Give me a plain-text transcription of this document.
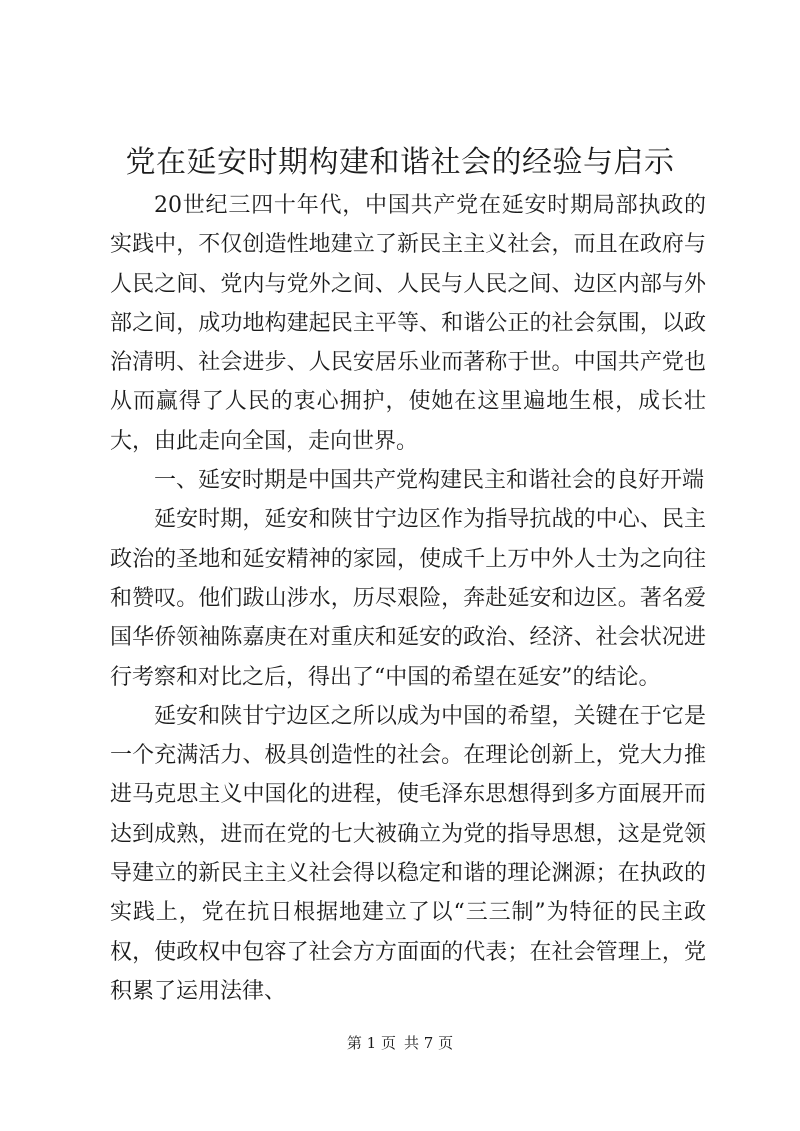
党在延安时期构建和谐社会的经验与启示

20世纪三四十年代，中国共产党在延安时期局部执政的实践中，不仅创造性地建立了新民主主义社会，而且在政府与人民之间、党内与党外之间、人民与人民之间、边区内部与外部之间，成功地构建起民主平等、和谐公正的社会氛围，以政治清明、社会进步、人民安居乐业而著称于世。中国共产党也从而赢得了人民的衷心拥护，使她在这里遍地生根，成长壮大，由此走向全国，走向世界。

一、延安时期是中国共产党构建民主和谐社会的良好开端

延安时期，延安和陕甘宁边区作为指导抗战的中心、民主政治的圣地和延安精神的家园，使成千上万中外人士为之向往和赞叹。他们跋山涉水，历尽艰险，奔赴延安和边区。著名爱国华侨领袖陈嘉庚在对重庆和延安的政治、经济、社会状况进行考察和对比之后，得出了“中国的希望在延安”的结论。

延安和陕甘宁边区之所以成为中国的希望，关键在于它是一个充满活力、极具创造性的社会。在理论创新上，党大力推进马克思主义中国化的进程，使毛泽东思想得到多方面展开而达到成熟，进而在党的七大被确立为党的指导思想，这是党领导建立的新民主主义社会得以稳定和谐的理论渊源；在执政的实践上，党在抗日根据地建立了以“三三制”为特征的民主政权，使政权中包容了社会方方面面的代表；在社会管理上，党积累了运用法律、

第 1 页 共 7 页
